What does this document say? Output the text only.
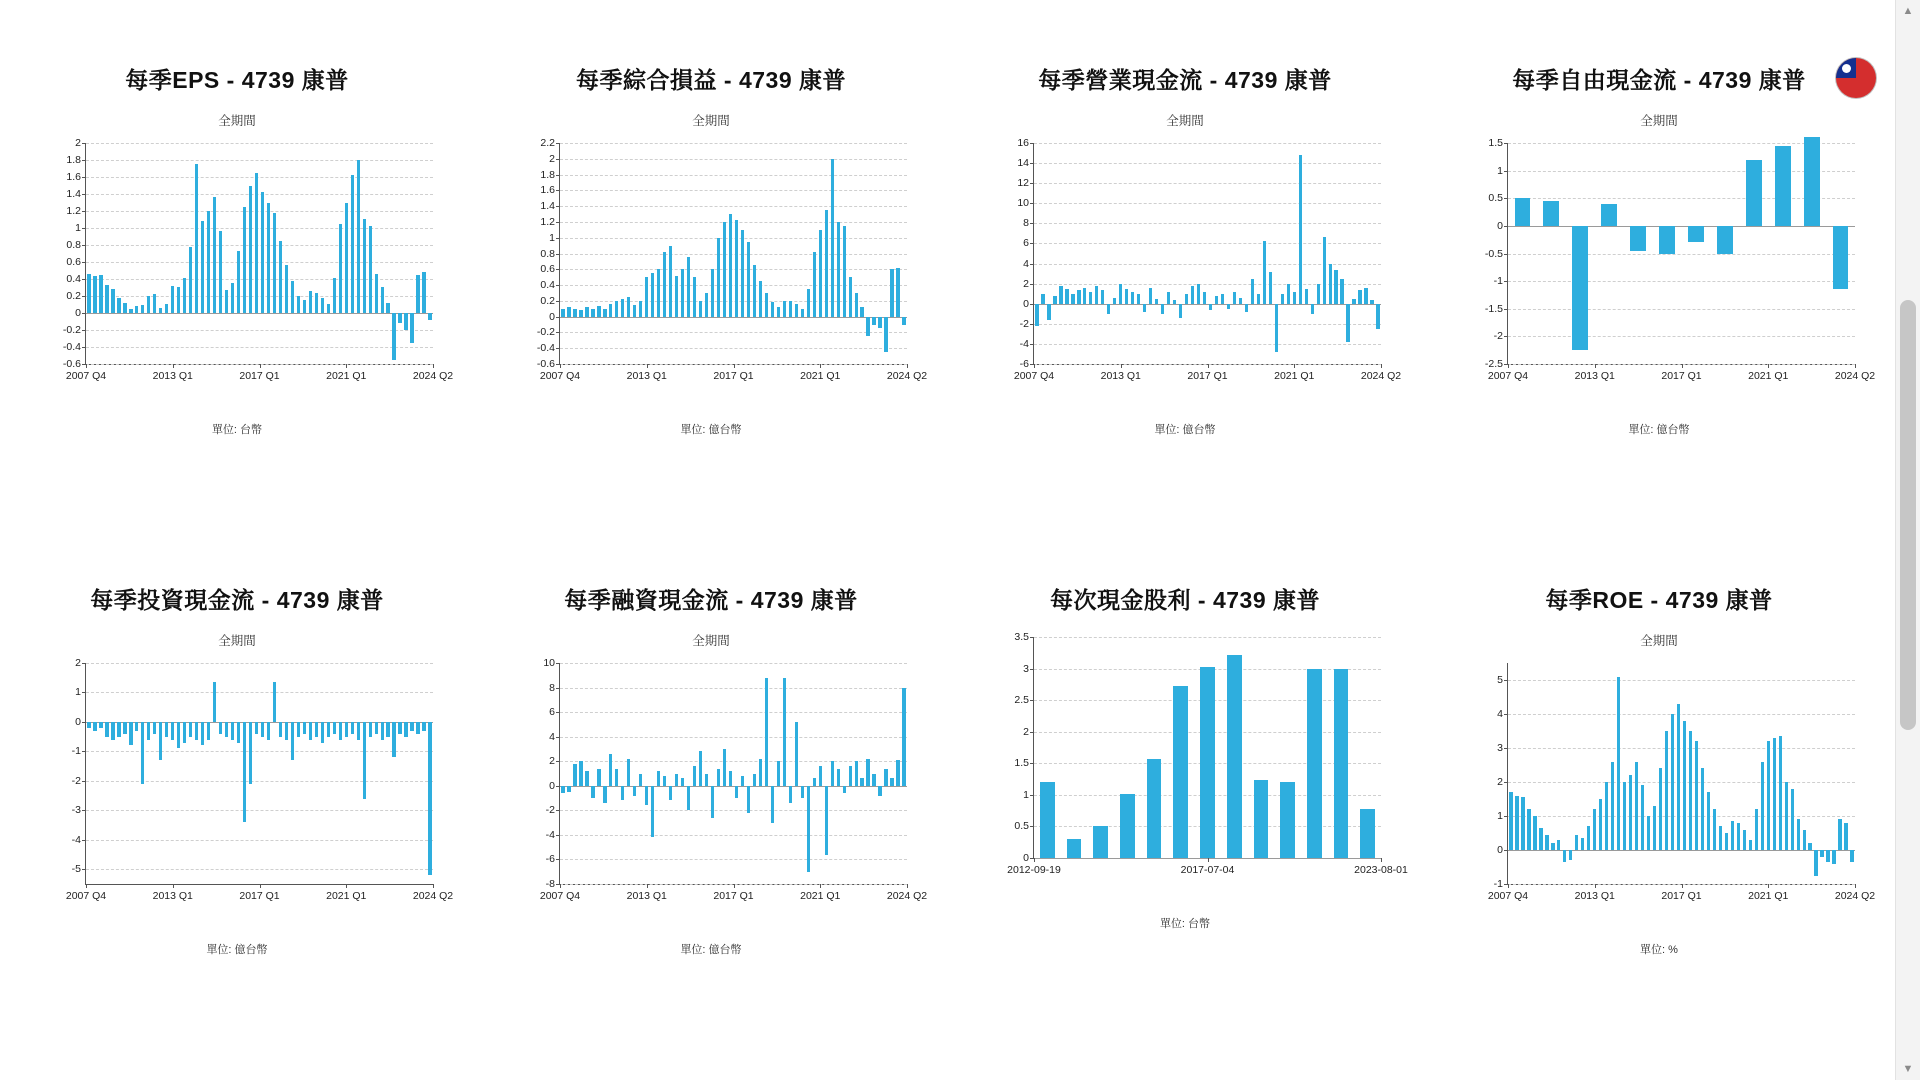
每季EPS - 4739 康普
全期間
-0.6
-0.4
-0.2
0
0.2
0.4
0.6
0.8
1
1.2
1.4
1.6
1.8
2
2007 Q4	2013 Q1	2017 Q1	2021 Q1	2024 Q2
單位: 台幣
每季綜合損益 - 4739 康普
全期間
-0.6
-0.4
-0.2
0
0.2
0.4
0.6
0.8
1
1.2
1.4
1.6
1.8
2
2.2
2007 Q4	2013 Q1	2017 Q1	2021 Q1	2024 Q2
單位: 億台幣
每季營業現金流 - 4739 康普
全期間
-6
-4
-2
0
2
4
6
8
10
12
14
16
2007 Q4	2013 Q1	2017 Q1	2021 Q1	2024 Q2
單位: 億台幣
每季自由現金流 - 4739 康普
全期間
-2.5
-2
-1.5
-1
-0.5
0
0.5
1
1.5
2007 Q4	2013 Q1	2017 Q1	2021 Q1	2024 Q2
單位: 億台幣
每季投資現金流 - 4739 康普
全期間
-5
-4
-3
-2
-1
0
1
2
2007 Q4	2013 Q1	2017 Q1	2021 Q1	2024 Q2
單位: 億台幣
每季融資現金流 - 4739 康普
全期間
-8
-6
-4
-2
0
2
4
6
8
10
2007 Q4	2013 Q1	2017 Q1	2021 Q1	2024 Q2
單位: 億台幣
每次現金股利 - 4739 康普
0
0.5
1
1.5
2
2.5
3
3.5
2012-09-19	2017-07-04	2023-08-01
單位: 台幣
每季ROE - 4739 康普
全期間
-1
0
1
2
3
4
5
2007 Q4	2013 Q1	2017 Q1	2021 Q1	2024 Q2
單位: %
▲
▼
